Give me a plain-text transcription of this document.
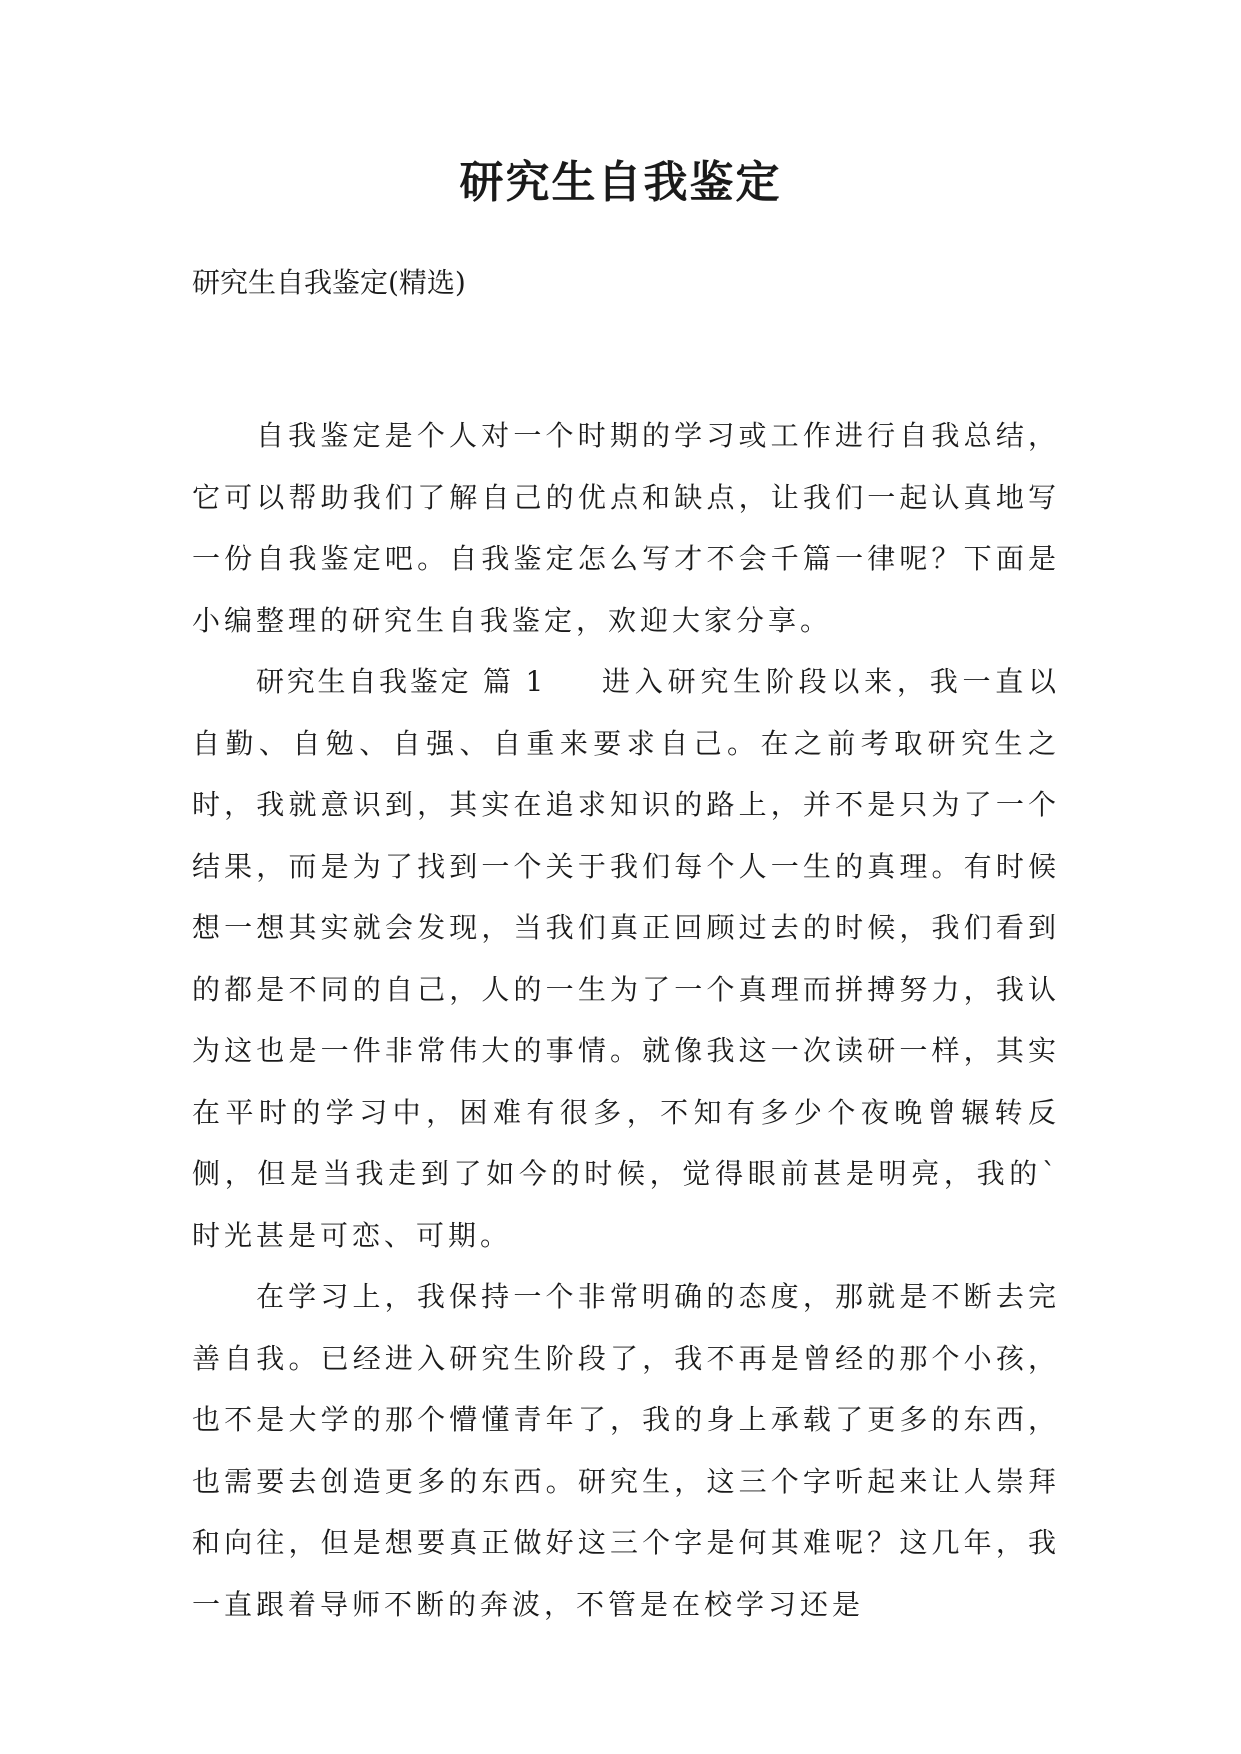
研究生自我鉴定

研究生自我鉴定(精选)

自我鉴定是个人对一个时期的学习或工作进行自我总结，它可以帮助我们了解自己的优点和缺点，让我们一起认真地写一份自我鉴定吧。自我鉴定怎么写才不会千篇一律呢？下面是小编整理的研究生自我鉴定，欢迎大家分享。

研究生自我鉴定 篇 1 进入研究生阶段以来，我一直以自勤、自勉、自强、自重来要求自己。在之前考取研究生之时，我就意识到，其实在追求知识的路上，并不是只为了一个结果，而是为了找到一个关于我们每个人一生的真理。有时候想一想其实就会发现，当我们真正回顾过去的时候，我们看到的都是不同的自己，人的一生为了一个真理而拼搏努力，我认为这也是一件非常伟大的事情。就像我这一次读研一样，其实在平时的学习中，困难有很多，不知有多少个夜晚曾辗转反侧，但是当我走到了如今的时候，觉得眼前甚是明亮，我的`时光甚是可恋、可期。

在学习上，我保持一个非常明确的态度，那就是不断去完善自我。已经进入研究生阶段了，我不再是曾经的那个小孩，也不是大学的那个懵懂青年了，我的身上承载了更多的东西，也需要去创造更多的东西。研究生，这三个字听起来让人崇拜和向往，但是想要真正做好这三个字是何其难呢？这几年，我一直跟着导师不断的奔波，不管是在校学习还是
